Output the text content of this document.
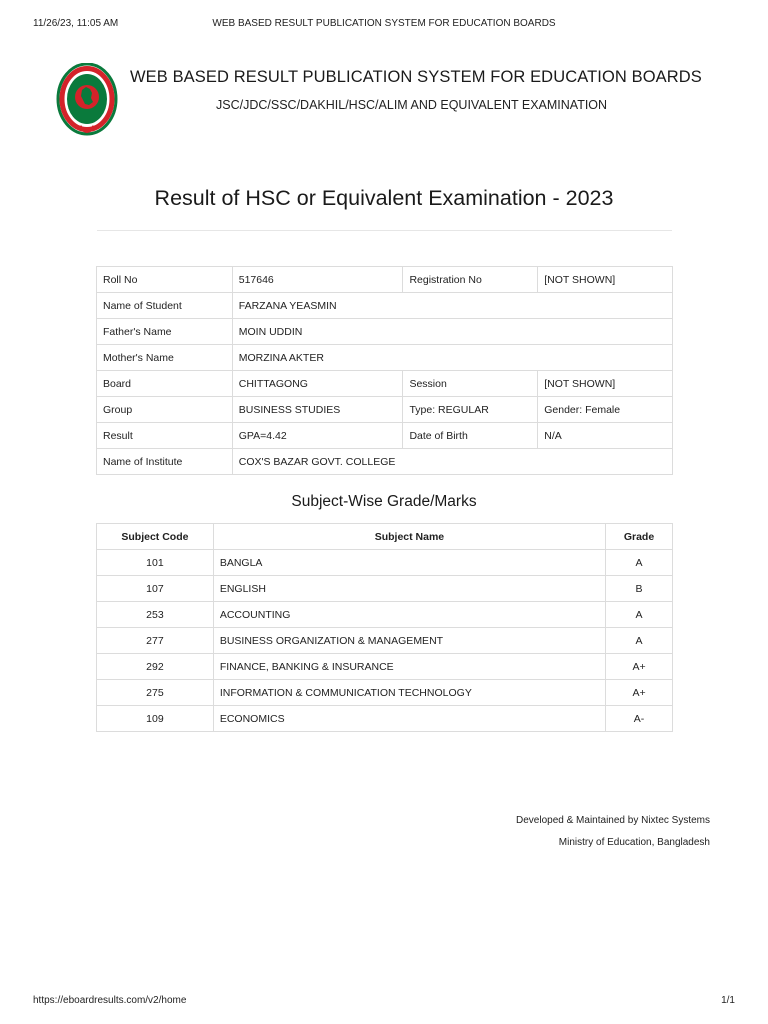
11/26/23, 11:05 AM	WEB BASED RESULT PUBLICATION SYSTEM FOR EDUCATION BOARDS
WEB BASED RESULT PUBLICATION SYSTEM FOR EDUCATION BOARDS
JSC/JDC/SSC/DAKHIL/HSC/ALIM AND EQUIVALENT EXAMINATION
Result of HSC or Equivalent Examination - 2023
Roll No	517646	Registration No	[NOT SHOWN]
Name of Student	FARZANA YEASMIN		
Father's Name	MOIN UDDIN		
Mother's Name	MORZINA AKTER		
Board	CHITTAGONG	Session	[NOT SHOWN]
Group	BUSINESS STUDIES	Type: REGULAR	Gender: Female
Result	GPA=4.42	Date of Birth	N/A
Name of Institute	COX'S BAZAR GOVT. COLLEGE		
Subject-Wise Grade/Marks
Subject Code	Subject Name	Grade
101	BANGLA	A
107	ENGLISH	B
253	ACCOUNTING	A
277	BUSINESS ORGANIZATION & MANAGEMENT	A
292	FINANCE, BANKING & INSURANCE	A+
275	INFORMATION & COMMUNICATION TECHNOLOGY	A+
109	ECONOMICS	A-
Developed & Maintained by Nixtec Systems
Ministry of Education, Bangladesh
https://eboardresults.com/v2/home	1/1
